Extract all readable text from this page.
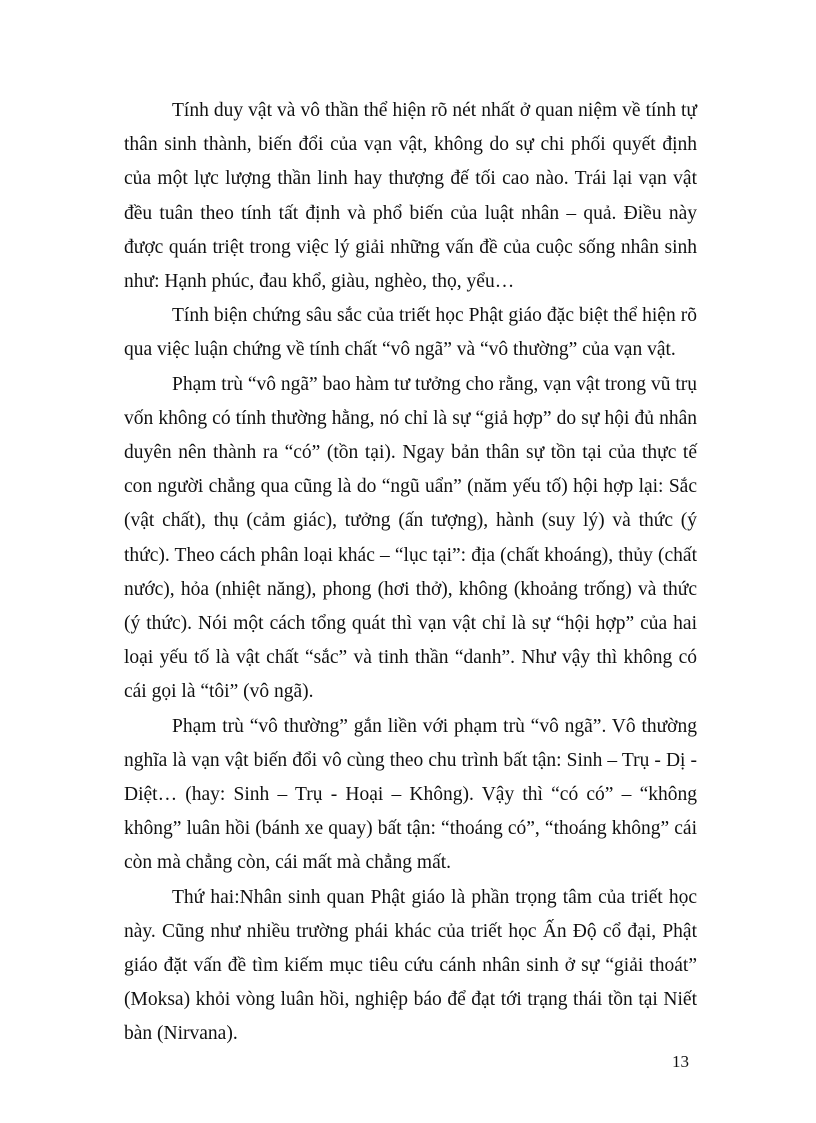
Tính duy vật và vô thần thể hiện rõ nét nhất ở quan niệm về tính tự thân sinh thành, biến đổi của vạn vật, không do sự chi phối quyết định của một lực lượng thần linh hay thượng đế tối cao nào. Trái lại vạn vật đều tuân theo tính tất định và phổ biến của luật nhân – quả. Điều này được quán triệt trong việc lý giải những vấn đề của cuộc sống nhân sinh như: Hạnh phúc, đau khổ, giàu, nghèo, thọ, yểu…

Tính biện chứng sâu sắc của triết học Phật giáo đặc biệt thể hiện rõ qua việc luận chứng về tính chất “vô ngã” và “vô thường” của vạn vật.

Phạm trù “vô ngã” bao hàm tư tưởng cho rằng, vạn vật trong vũ trụ vốn không có tính thường hằng, nó chỉ là sự “giả hợp” do sự hội đủ nhân duyên nên thành ra “có” (tồn tại). Ngay bản thân sự tồn tại của thực tế con người chẳng qua cũng là do “ngũ uẩn” (năm yếu tố) hội hợp lại: Sắc (vật chất), thụ (cảm giác), tưởng (ấn tượng), hành (suy lý) và thức (ý thức). Theo cách phân loại khác – “lục tại”: địa (chất khoáng), thủy (chất nước), hỏa (nhiệt năng), phong (hơi thở), không (khoảng trống) và thức (ý thức). Nói một cách tổng quát thì vạn vật chỉ là sự “hội hợp” của hai loại yếu tố là vật chất “sắc” và tinh thần “danh”. Như vậy thì không có cái gọi là “tôi” (vô ngã).

Phạm trù “vô thường” gắn liền với phạm trù “vô ngã”. Vô thường nghĩa là vạn vật biến đổi vô cùng theo chu trình bất tận: Sinh – Trụ - Dị - Diệt… (hay: Sinh – Trụ - Hoại – Không). Vậy thì “có có” – “không không” luân hồi (bánh xe quay) bất tận: “thoáng có”, “thoáng không” cái còn mà chẳng còn, cái mất mà chẳng mất.

Thứ hai:Nhân sinh quan Phật giáo là phần trọng tâm của triết học này. Cũng như nhiều trường phái khác của triết học Ấn Độ cổ đại, Phật giáo đặt vấn đề tìm kiếm mục tiêu cứu cánh nhân sinh ở sự “giải thoát” (Moksa) khỏi vòng luân hồi, nghiệp báo để đạt tới trạng thái tồn tại Niết bàn (Nirvana).

13
